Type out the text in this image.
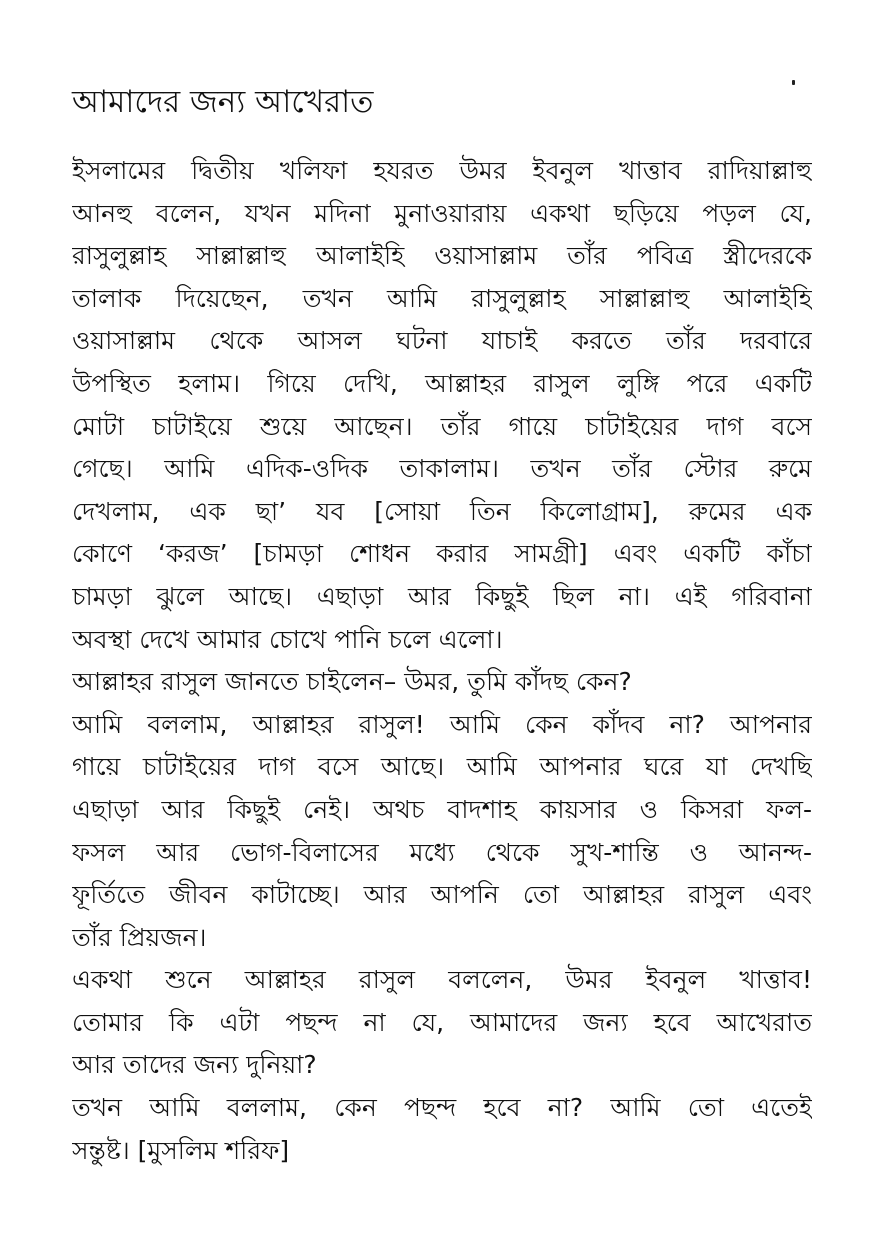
আমাদের জন্য আখেরাত
ইসলামের দ্বিতীয় খলিফা হযরত উমর ইবনুল খাত্তাব রাদিয়াল্লাহু
আনহু বলেন, যখন মদিনা মুনাওয়ারায় একথা ছড়িয়ে পড়ল যে,
রাসুলুল্লাহ সাল্লাল্লাহু আলাইহি ওয়াসাল্লাম তাঁর পবিত্র স্ত্রীদেরকে
তালাক দিয়েছেন, তখন আমি রাসুলুল্লাহ সাল্লাল্লাহু আলাইহি
ওয়াসাল্লাম থেকে আসল ঘটনা যাচাই করতে তাঁর দরবারে
উপস্থিত হলাম। গিয়ে দেখি, আল্লাহর রাসুল লুঙ্গি পরে একটি
মোটা চাটাইয়ে শুয়ে আছেন। তাঁর গায়ে চাটাইয়ের দাগ বসে
গেছে। আমি এদিক-ওদিক তাকালাম। তখন তাঁর স্টোর রুমে
দেখলাম, এক ছা’ যব [সোয়া তিন কিলোগ্রাম], রুমের এক
কোণে ‘করজ’ [চামড়া শোধন করার সামগ্রী] এবং একটি কাঁচা
চামড়া ঝুলে আছে। এছাড়া আর কিছুই ছিল না। এই গরিবানা
অবস্থা দেখে আমার চোখে পানি চলে এলো।
আল্লাহর রাসুল জানতে চাইলেন– উমর, তুমি কাঁদছ কেন?
আমি বললাম, আল্লাহর রাসুল! আমি কেন কাঁদব না? আপনার
গায়ে চাটাইয়ের দাগ বসে আছে। আমি আপনার ঘরে যা দেখছি
এছাড়া আর কিছুই নেই। অথচ বাদশাহ কায়সার ও কিসরা ফল-
ফসল আর ভোগ-বিলাসের মধ্যে থেকে সুখ-শান্তি ও আনন্দ-
ফূর্তিতে জীবন কাটাচ্ছে। আর আপনি তো আল্লাহর রাসুল এবং
তাঁর প্রিয়জন।
একথা শুনে আল্লাহর রাসুল বললেন, উমর ইবনুল খাত্তাব!
তোমার কি এটা পছন্দ না যে, আমাদের জন্য হবে আখেরাত
আর তাদের জন্য দুনিয়া?
তখন আমি বললাম, কেন পছন্দ হবে না? আমি তো এতেই
সন্তুষ্ট। [মুসলিম শরিফ]
